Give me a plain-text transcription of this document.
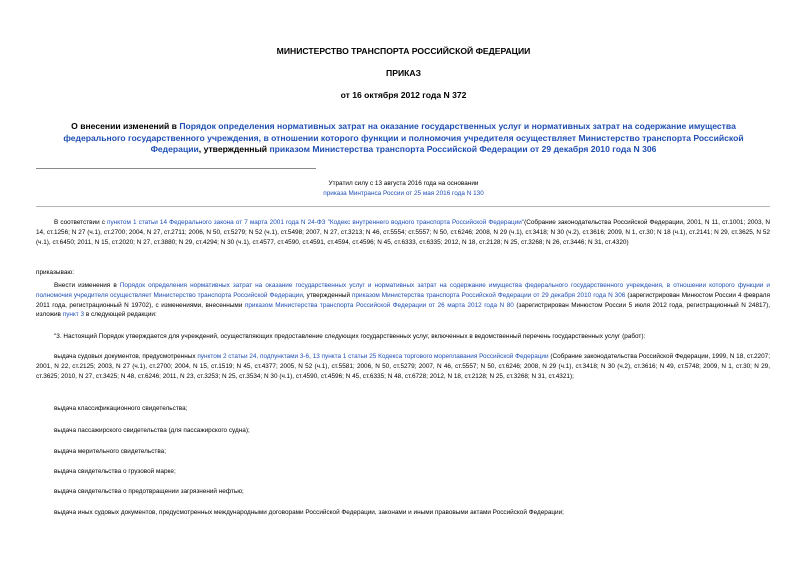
МИНИСТЕРСТВО ТРАНСПОРТА РОССИЙСКОЙ ФЕДЕРАЦИИ
ПРИКАЗ
от 16 октября 2012 года N 372
О внесении изменений в Порядок определения нормативных затрат на оказание государственных услуг и нормативных затрат на содержание имущества федерального государственного учреждения, в отношении которого функции и полномочия учредителя осуществляет Министерство транспорта Российской Федерации, утвержденный приказом Министерства транспорта Российской Федерации от 29 декабря 2010 года N 306
Утратил силу с 13 августа 2016 года на основании
приказа Минтранса России от 25 мая 2016 года N 130
В соответствии с пунктом 1 статьи 14 Федерального закона от 7 марта 2001 года N 24-ФЗ "Кодекс внутреннего водного транспорта Российской Федерации"(Собрание законодательства Российской Федерации, 2001, N 11, ст.1001; 2003, N 14, ст.1256; N 27 (ч.1), ст.2700; 2004, N 27, ст.2711; 2006, N 50, ст.5279; N 52 (ч.1), ст.5498; 2007, N 27, ст.3213; N 46, ст.5554; ст.5557; N 50, ст.6246; 2008, N 29 (ч.1), ст.3418; N 30 (ч.2), ст.3616; 2009, N 1, ст.30; N 18 (ч.1), ст.2141; N 29, ст.3625, N 52 (ч.1), ст.6450; 2011, N 15, ст.2020; N 27, ст.3880; N 29, ст.4294; N 30 (ч.1), ст.4577, ст.4590, ст.4591, ст.4594, ст.4596; N 45, ст.6333, ст.6335; 2012, N 18, ст.2128; N 25, ст.3268; N 26, ст.3446; N 31, ст.4320)
приказываю:
Внести изменения в Порядок определения нормативных затрат на оказание государственных услуг и нормативных затрат на содержание имущества федерального государственного учреждения, в отношении которого функции и полномочия учредителя осуществляет Министерство транспорта Российской Федерации, утвержденный приказом Министерства транспорта Российской Федерации от 29 декабря 2010 года N 306 (зарегистрирован Минюстом России 4 февраля 2011 года, регистрационный N 19702), с изменениями, внесенными приказом Министерства транспорта Российской Федерации от 26 марта 2012 года N 80 (зарегистрирован Минюстом России 5 июля 2012 года, регистрационный N 24817), изложив пункт 3 в следующей редакции:
"3. Настоящий Порядок утверждается для учреждений, осуществляющих предоставление следующих государственных услуг, включенных в ведомственный перечень государственных услуг (работ):
выдача судовых документов, предусмотренных пунктом 2 статьи 24, подпунктами 3-6, 13 пункта 1 статьи 25 Кодекса торгового мореплавания Российской Федерации (Собрание законодательства Российской Федерации, 1999, N 18, ст.2207; 2001, N 22, ст.2125; 2003, N 27 (ч.1), ст.2700; 2004, N 15, ст.1519; N 45, ст.4377; 2005, N 52 (ч.1), ст.5581; 2006, N 50, ст.5279; 2007, N 46, ст.5557; N 50, ст.6246; 2008, N 29 (ч.1), ст.3418; N 30 (ч.2), ст.3616; N 49, ст.5748; 2009, N 1, ст.30; N 29, ст.3625; 2010, N 27, ст.3425; N 48, ст.6246; 2011, N 23, ст.3253; N 25, ст.3534; N 30 (ч.1), ст.4590, ст.4596; N 45, ст.6335; N 48, ст.6728; 2012, N 18, ст.2128; N 25, ст.3268; N 31, ст.4321);
выдача классификационного свидетельства;
выдача пассажирского свидетельства (для пассажирского судна);
выдача мерительного свидетельства;
выдача свидетельства о грузовой марке;
выдача свидетельства о предотвращении загрязнений нефтью;
выдача иных судовых документов, предусмотренных международными договорами Российской Федерации, законами и иными правовыми актами Российской Федерации;
